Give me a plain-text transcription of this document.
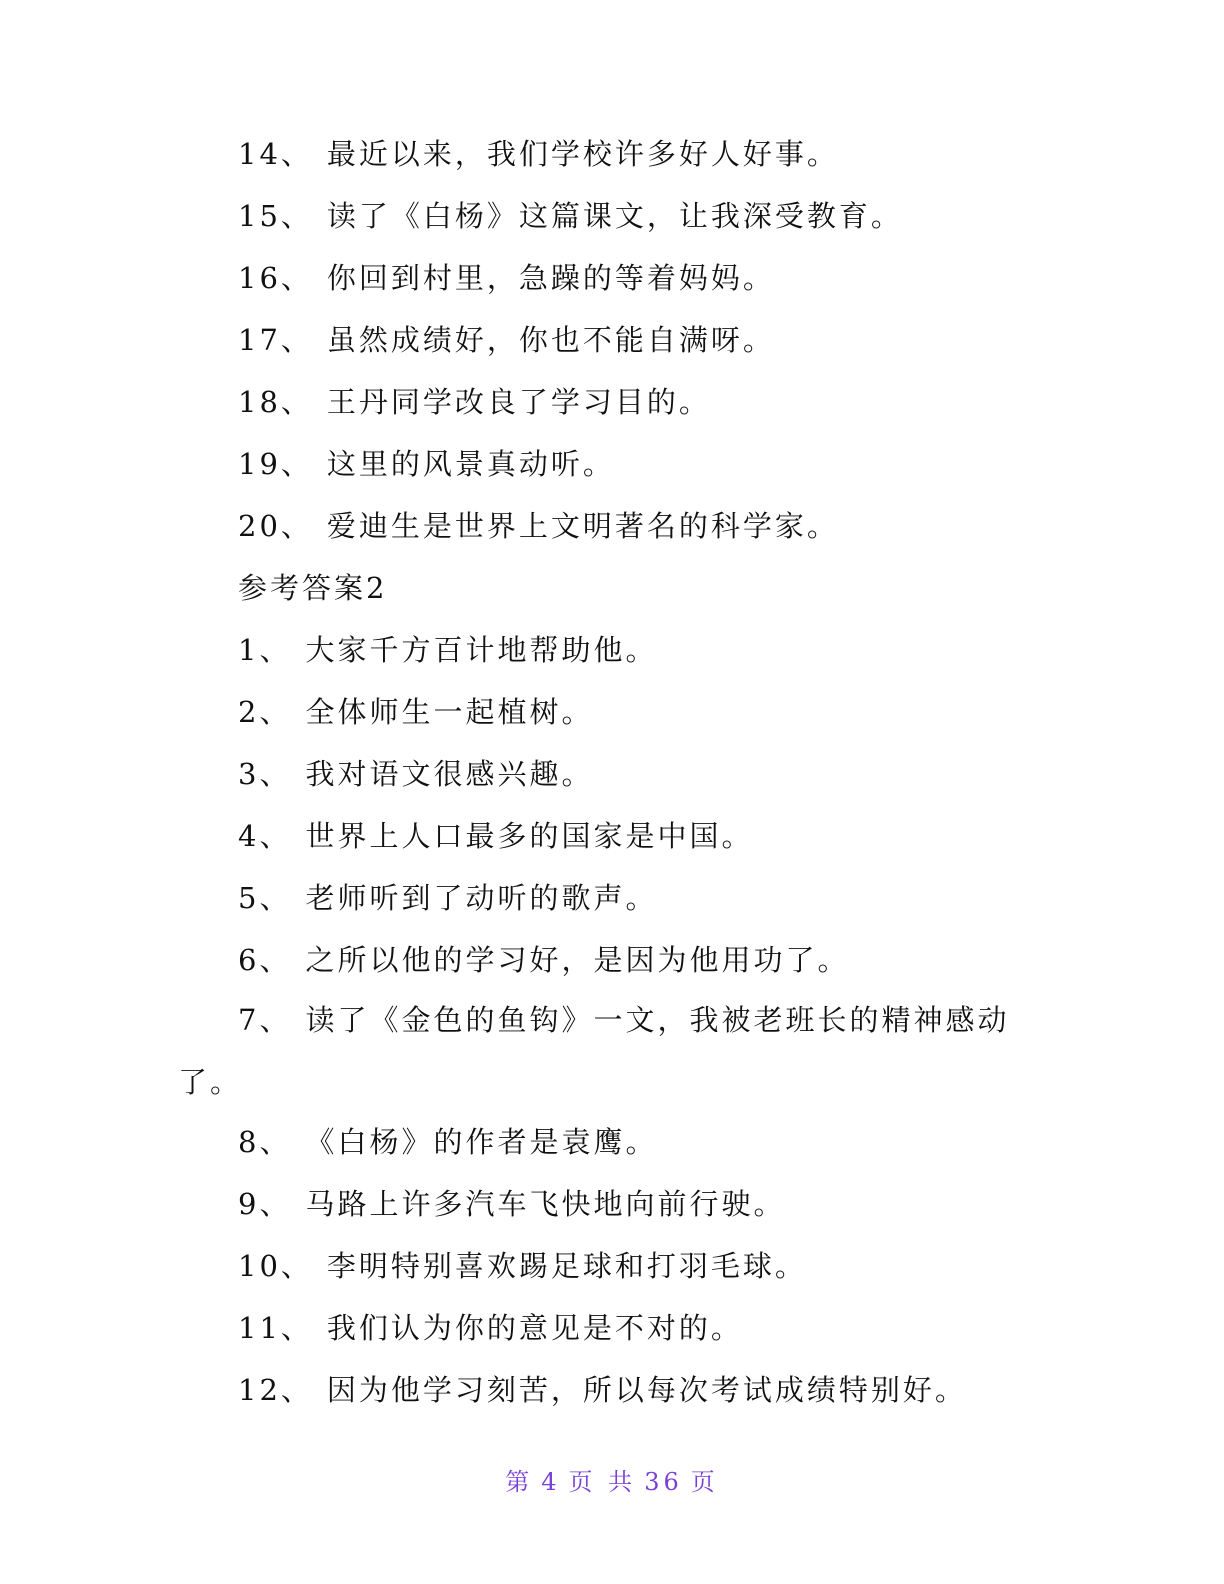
14、 最近以来，我们学校许多好人好事。
15、 读了《白杨》这篇课文，让我深受教育。
16、 你回到村里，急躁的等着妈妈。
17、 虽然成绩好，你也不能自满呀。
18、 王丹同学改良了学习目的。
19、 这里的风景真动听。
20、 爱迪生是世界上文明著名的科学家。
参考答案2
1、 大家千方百计地帮助他。
2、 全体师生一起植树。
3、 我对语文很感兴趣。
4、 世界上人口最多的国家是中国。
5、 老师听到了动听的歌声。
6、 之所以他的学习好，是因为他用功了。
7、 读了《金色的鱼钩》一文，我被老班长的精神感动
了。
8、 《白杨》的作者是袁鹰。
9、 马路上许多汽车飞快地向前行驶。
10、 李明特别喜欢踢足球和打羽毛球。
11、 我们认为你的意见是不对的。
12、 因为他学习刻苦，所以每次考试成绩特别好。
第 4 页 共 36 页
